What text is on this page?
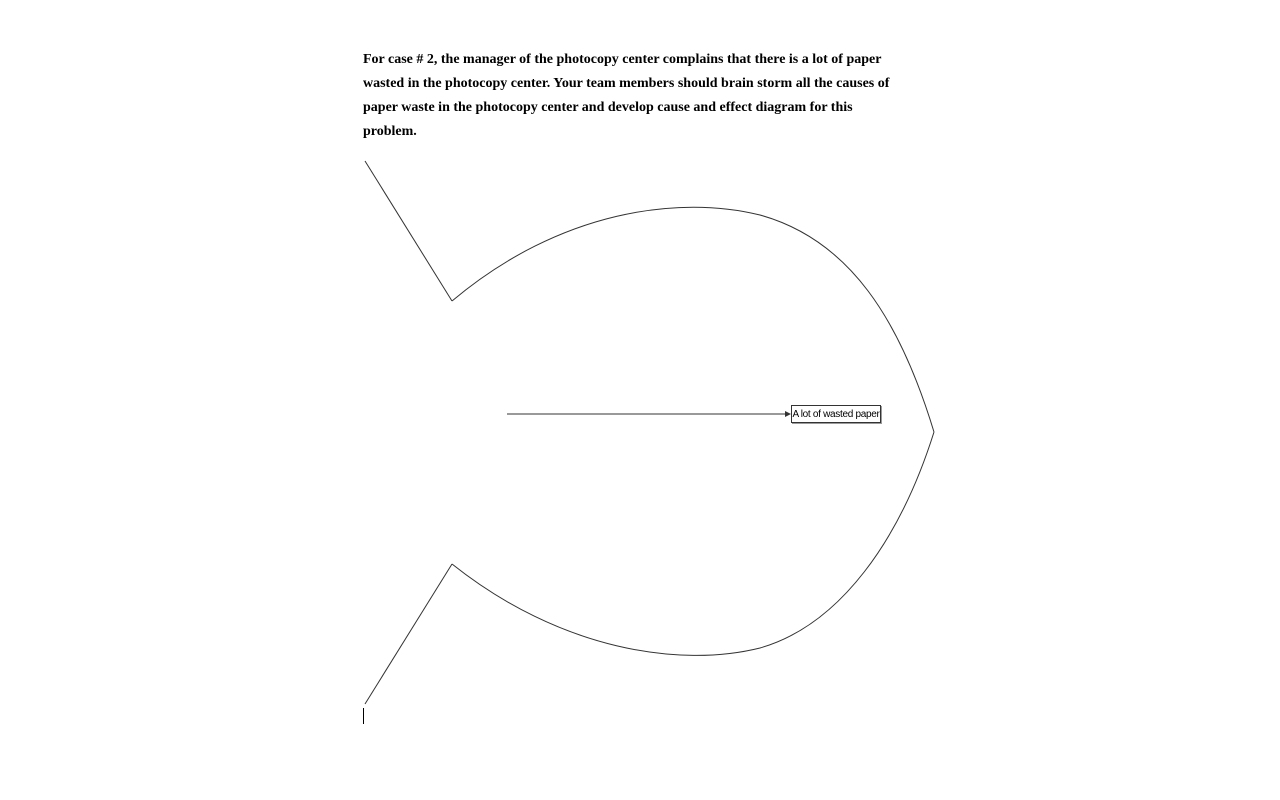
For case # 2, the manager of the photocopy center complains that there is a lot of paper wasted in the photocopy center. Your team members should brain storm all the causes of paper waste in the photocopy center and develop cause and effect diagram for this problem.

A lot of wasted paper
